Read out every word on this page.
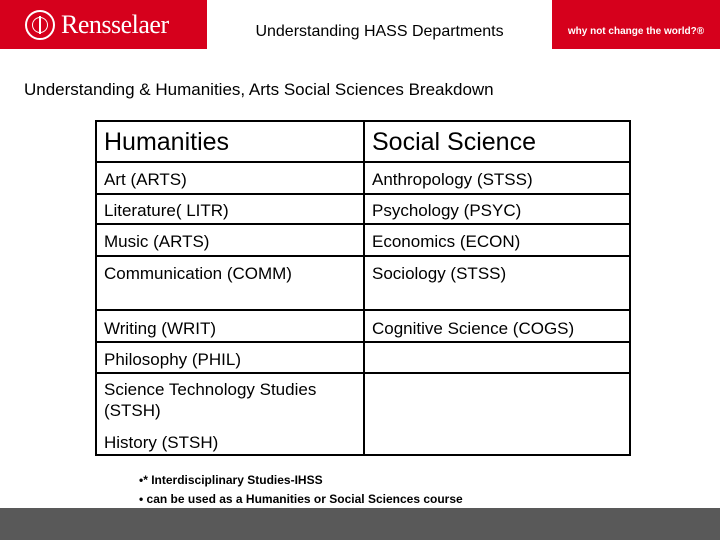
Rensselaer	Understanding HASS Departments	why not change the world?®
Understanding & Humanities, Arts Social Sciences Breakdown
Humanities	Social Science
Art (ARTS)	Anthropology (STSS)
Literature( LITR)	Psychology (PSYC)
Music (ARTS)	Economics (ECON)
Communication (COMM)	Sociology (STSS)
Writing (WRIT)	Cognitive Science (COGS)
Philosophy (PHIL)
Science Technology Studies (STSH)
History (STSH)
•* Interdisciplinary Studies-IHSS
• can be used as a Humanities or Social Sciences course
